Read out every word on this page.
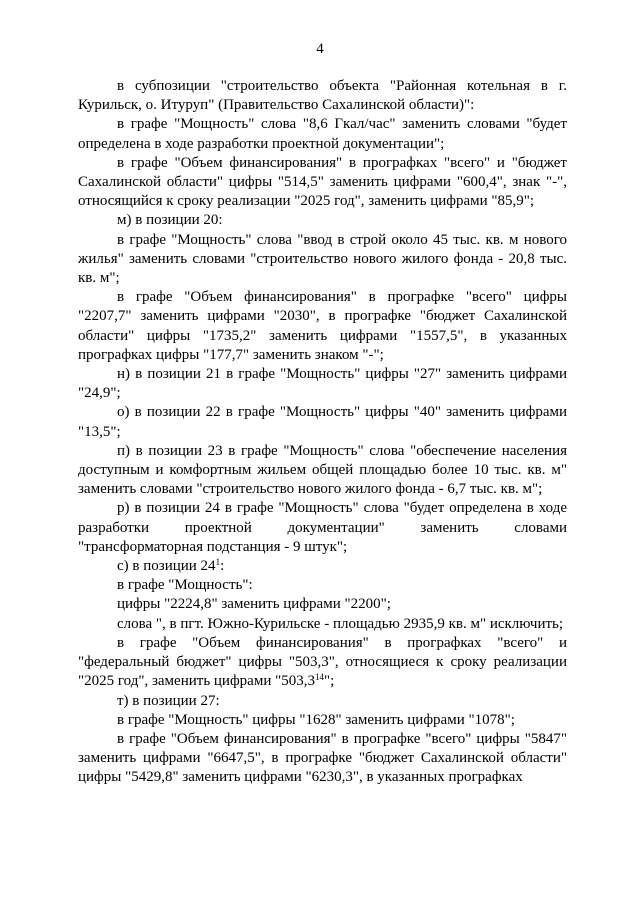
4

в субпозиции "строительство объекта "Районная котельная в г. Курильск, о. Итуруп" (Правительство Сахалинской области)":

в графе "Мощность" слова "8,6 Гкал/час" заменить словами "будет определена в ходе разработки проектной документации";

в графе "Объем финансирования" в прографках "всего" и "бюджет Сахалинской области" цифры "514,5" заменить цифрами "600,4", знак "-", относящийся к сроку реализации "2025 год", заменить цифрами "85,9";

м) в позиции 20:

в графе "Мощность" слова "ввод в строй около 45 тыс. кв. м нового жилья" заменить словами "строительство нового жилого фонда - 20,8 тыс. кв. м";

в графе "Объем финансирования" в прографке "всего" цифры "2207,7" заменить цифрами "2030", в прографке "бюджет Сахалинской области" цифры "1735,2" заменить цифрами "1557,5", в указанных прографках цифры "177,7" заменить знаком "-";

н) в позиции 21 в графе "Мощность" цифры "27" заменить цифрами "24,9";

о) в позиции 22 в графе "Мощность" цифры "40" заменить цифрами "13,5";

п) в позиции 23 в графе "Мощность" слова "обеспечение населения доступным и комфортным жильем общей площадью более 10 тыс. кв. м" заменить словами "строительство нового жилого фонда - 6,7 тыс. кв. м";

р) в позиции 24 в графе "Мощность" слова "будет определена в ходе разработки проектной документации" заменить словами "трансформаторная подстанция - 9 штук";

с) в позиции $24^1$:

в графе "Мощность":

цифры "2224,8" заменить цифрами "2200";

слова ", в пгт. Южно-Курильске - площадью 2935,9 кв. м" исключить;

в графе "Объем финансирования" в прографках "всего" и "федеральный бюджет" цифры "503,3", относящиеся к сроку реализации "2025 год", заменить цифрами "503,3$^{14}$";

т) в позиции 27:

в графе "Мощность" цифры "1628" заменить цифрами "1078";

в графе "Объем финансирования" в прографке "всего" цифры "5847" заменить цифрами "6647,5", в прографке "бюджет Сахалинской области" цифры "5429,8" заменить цифрами "6230,3", в указанных прографках
